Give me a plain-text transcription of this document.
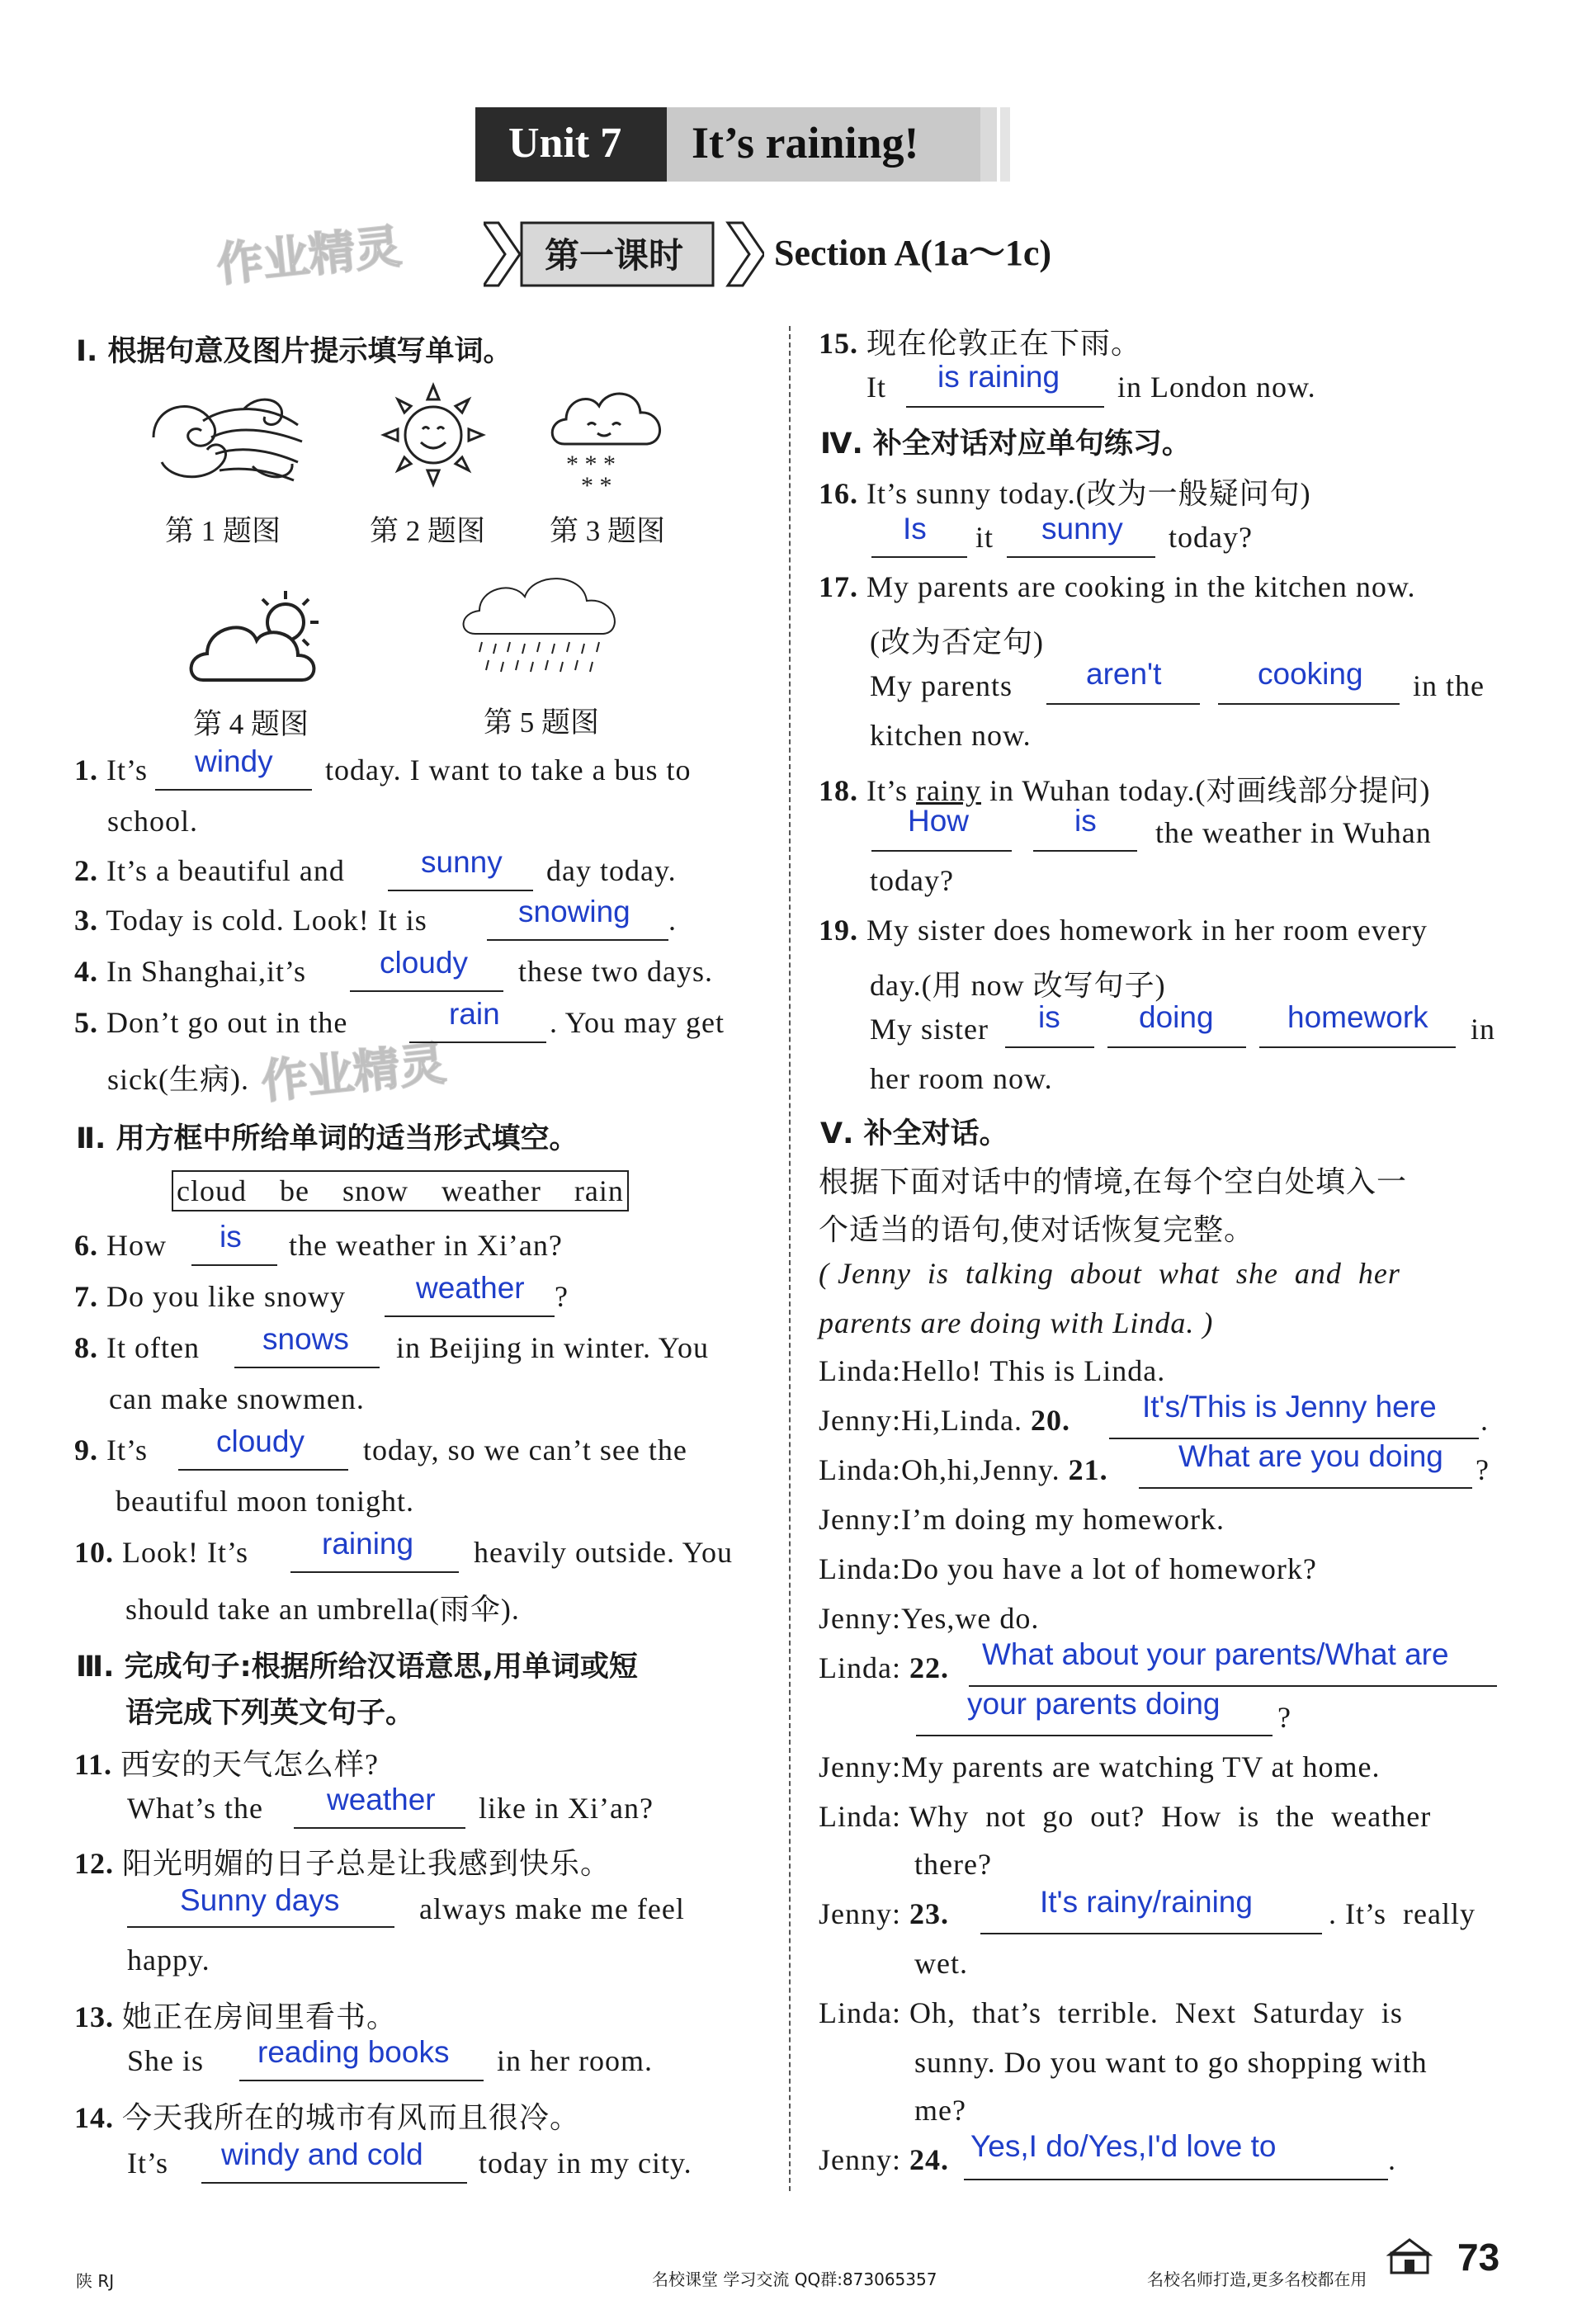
Unit 7 It’s raining!
第一课时 Section A(1a～1c)
作业精灵
作业精灵
Ⅰ. 根据句意及图片提示填写单词。
* * *
* *
第 1 题图	第 2 题图 第 3 题图
第 4 题图	第 5 题图
1. It’s windy today. I want to take a bus to
school.
2. It’s a beautiful and sunny day today.
3. Today is cold. Look! It is	snowing .
4. In Shanghai,it’s cloudy these two days.
5. Don’t go out in the	rain . You may get
sick(生病).
Ⅱ. 用方框中所给单词的适当形式填空。
cloud    be    snow    weather    rain
6. How is the weather in Xi’an?
7. Do you like snowy weather ?
8. It often snows in Beijing in winter. You
can make snowmen.
9. It’s cloudy today, so we can’t see the
beautiful moon tonight.
10. Look! It’s raining heavily outside. You
should take an umbrella(雨伞).
Ⅲ. 完成句子:根据所给汉语意思,用单词或短
语完成下列英文句子。
11. 西安的天气怎么样?
What’s the weather like in Xi’an?
12. 阳光明媚的日子总是让我感到快乐。
Sunny days	always make me feel
happy.
13. 她正在房间里看书。
She is reading books in her room.
14. 今天我所在的城市有风而且很冷。
It’s windy and cold today in my city.
15. 现在伦敦正在下雨。
It is raining in London now.
Ⅳ. 补全对话对应单句练习。
16. It’s sunny today.(改为一般疑问句)
Is it sunny today?
17. My parents are cooking in the kitchen now.
(改为否定句)
My parents aren't	cooking in the
kitchen now.
18. It’s rainy in Wuhan today.(对画线部分提问)
How	is the weather in Wuhan
today?
19. My sister does homework in her room every
day.(用 now 改写句子)
My sister is	doing homework in
her room now.
Ⅴ. 补全对话。
根据下面对话中的情境,在每个空白处填入一
个适当的语句,使对话恢复完整。
( Jenny  is  talking  about  what  she  and  her
parents are doing with Linda. )
Linda:Hello! This is Linda.
Jenny:Hi,Linda. 20. It's/This is Jenny here .
Linda:Oh,hi,Jenny. 21. What are you doing ?
Jenny:I’m doing my homework.
Linda:Do you have a lot of homework?
Jenny:Yes,we do.
Linda: 22. What about your parents/What are
your parents doing ?
Jenny:My parents are watching TV at home.
Linda: Why  not  go  out?  How  is  the  weather
there?
Jenny: 23.	It's rainy/raining	. It’s  really
wet.
Linda: Oh,  that’s  terrible.  Next  Saturday  is
sunny. Do you want to go shopping with
me?
Jenny: 24. Yes,I do/Yes,I'd love to	.
陕 RJ	名校课堂 学习交流 QQ群:873065357	名校名师打造,更多名校都在用
73
